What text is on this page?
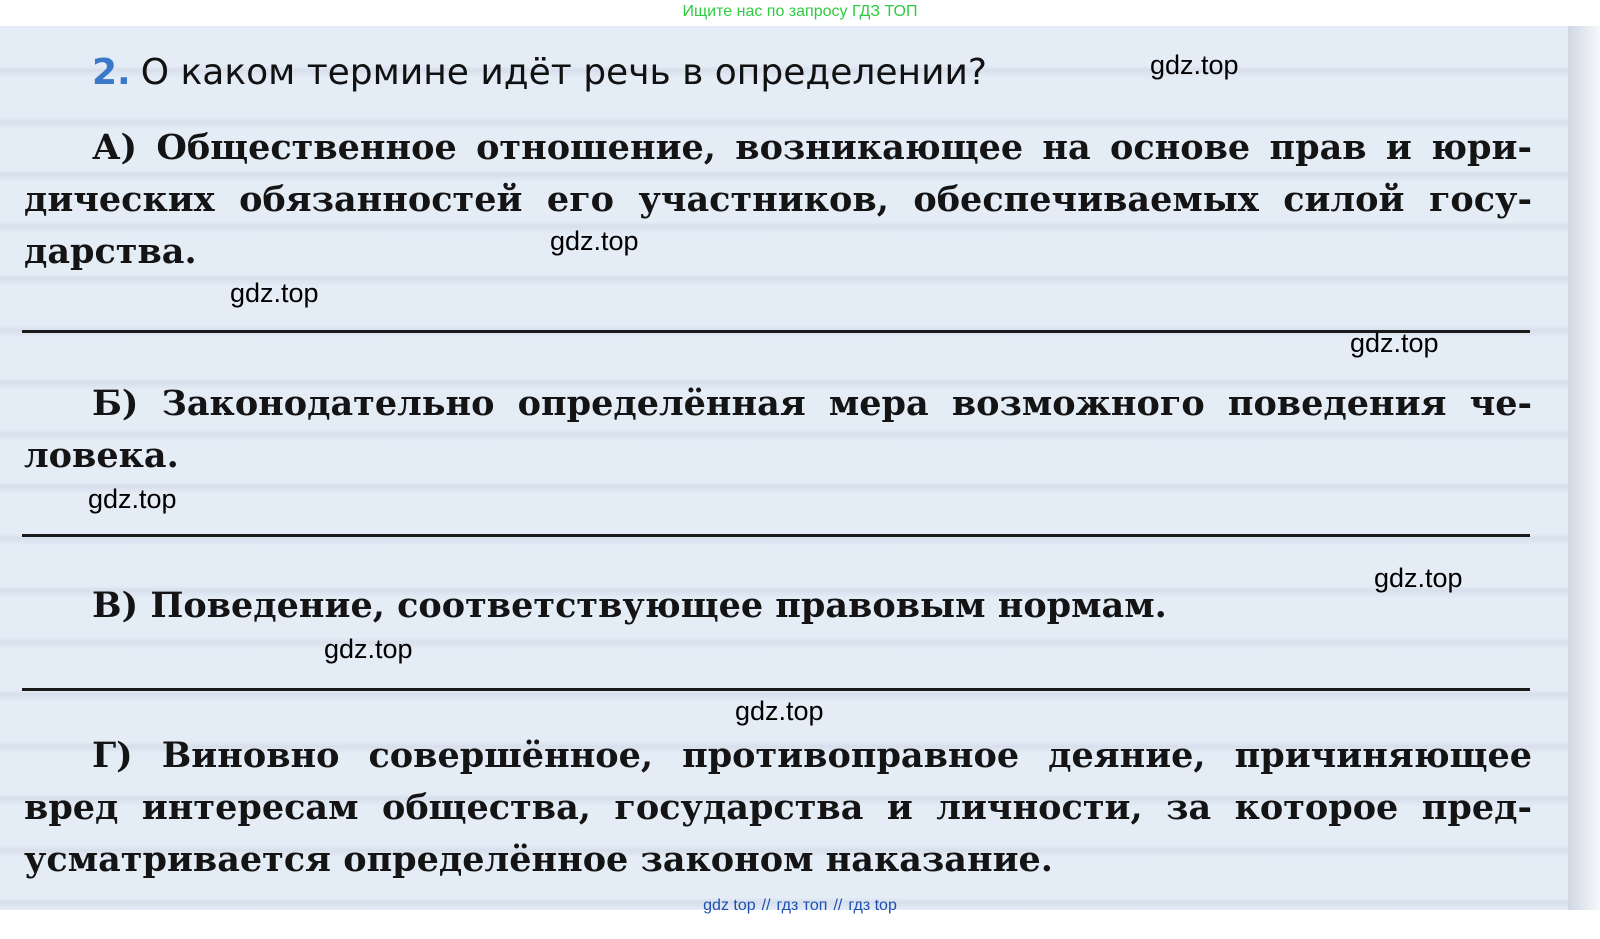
Ищите нас по запросу ГДЗ ТОП
2. О каком термине идёт речь в определении?
А) Общественное отношение, возникающее на основе прав и юри-
дических обязанностей его участников, обеспечиваемых силой госу-
дарства.
Б) Законодательно определённая мера возможного поведения че-
ловека.
В) Поведение, соответствующее правовым нормам.
Г) Виновно совершённое, противоправное деяние, причиняющее
вред интересам общества, государства и личности, за которое пред-
усматривается определённое законом наказание.
gdz.top
gdz.top
gdz.top
gdz.top
gdz.top
gdz.top
gdz.top
gdz.top
gdz top // гдз топ // гдз top
